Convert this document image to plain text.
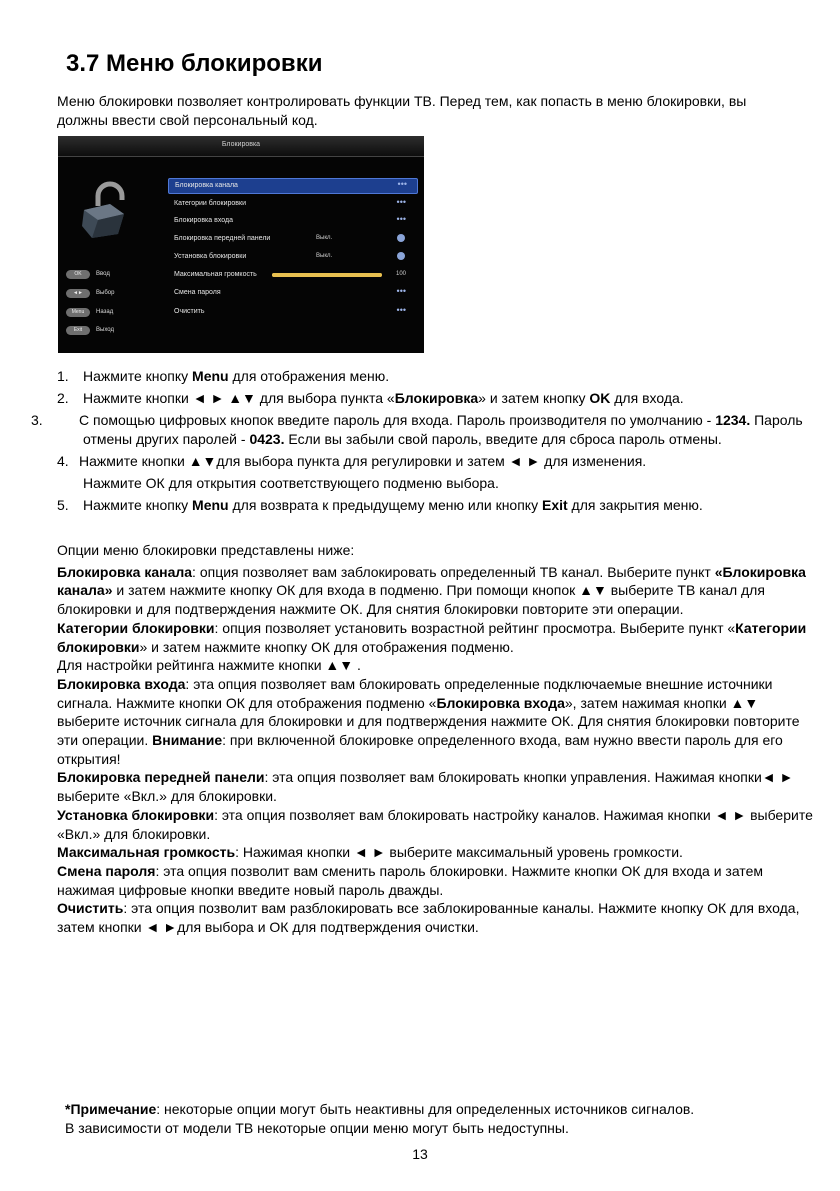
3.7 Меню блокировки

Меню блокировки позволяет контролировать функции ТВ. Перед тем, как попасть в меню блокировки, вы должны ввести свой персональный код.

Блокировка
Блокировка канала	•••
Категории блокировки	•••
Блокировка входа	•••
Блокировка передней панели	Выкл.
Установка блокировки	Выкл.
Максимальная громкость	100
Смена пароля	•••
Очистить	•••
OK	Ввод
◄►	Выбор
Menu	Назад
Exit	Выход

1. Нажмите кнопку Menu для отображения меню.

2. Нажмите кнопки ◄ ► ▲▼ для выбора пункта «Блокировка» и затем кнопку OK для входа.

3.	С помощью цифровых кнопок введите пароль для входа. Пароль производителя по умолчанию - 1234. Пароль отмены других паролей - 0423. Если вы забыли свой пароль, введите для сброса пароль отмены.

4. Нажмите кнопки ▲▼для выбора пункта для регулировки и затем ◄ ► для изменения.

Нажмите ОК для открытия соответствующего подменю выбора.

5. Нажмите кнопку Menu для возврата к предыдущему меню или кнопку Exit для закрытия меню.

Опции меню блокировки представлены ниже:

Блокировка канала: опция позволяет вам заблокировать определенный ТВ канал. Выберите пункт «Блокировка канала» и затем нажмите кнопку ОК для входа в подменю. При помощи кнопок ▲▼ выберите ТВ канал для блокировки и для подтверждения нажмите ОК. Для снятия блокировки повторите эти операции.

Категории блокировки: опция позволяет установить возрастной рейтинг просмотра. Выберите пункт «Категории блокировки» и затем нажмите кнопку ОК для отображения подменю.

Для настройки рейтинга нажмите кнопки ▲▼ .

Блокировка входа: эта опция позволяет вам блокировать определенные подключаемые внешние источники сигнала. Нажмите кнопки ОК для отображения подменю «Блокировка входа», затем нажимая кнопки ▲▼ выберите источник сигнала для блокировки и для подтверждения нажмите ОК. Для снятия блокировки повторите эти операции. Внимание: при включенной блокировке определенного входа, вам нужно ввести пароль для его открытия!

Блокировка передней панели: эта опция позволяет вам блокировать кнопки управления. Нажимая кнопки◄ ► выберите «Вкл.» для блокировки.

Установка блокировки: эта опция позволяет вам блокировать настройку каналов. Нажимая кнопки ◄ ► выберите «Вкл.» для блокировки.

Максимальная громкость: Нажимая кнопки ◄ ► выберите максимальный уровень громкости.

Смена пароля: эта опция позволит вам сменить пароль блокировки. Нажмите кнопки ОК для входа и затем нажимая цифровые кнопки введите новый пароль дважды.

Очистить: эта опция позволит вам разблокировать все заблокированные каналы. Нажмите кнопку ОК для входа, затем кнопки ◄ ►для выбора и ОК для подтверждения очистки.

*Примечание: некоторые опции могут быть неактивны для определенных источников сигналов.
В зависимости от модели ТВ некоторые опции меню могут быть недоступны.
13
